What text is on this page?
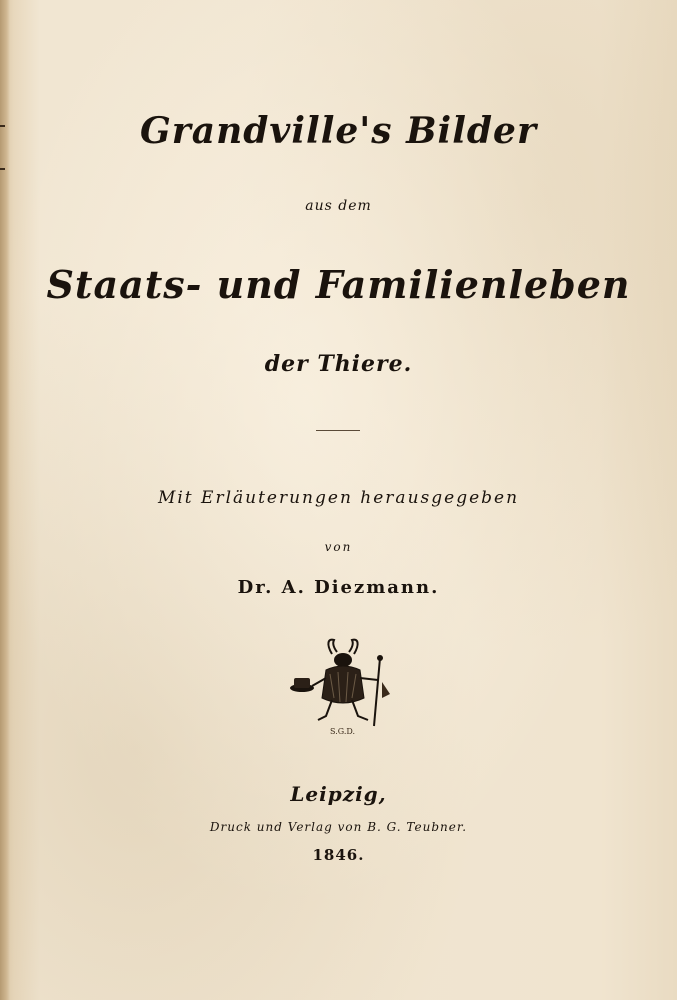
Grandville's Bilder
aus dem
Staats- und Familienleben
der Thiere.
Mit Erläuterungen herausgegeben
von
Dr. A. Diezmann.
S.G.D.
Leipzig,
Druck und Verlag von B. G. Teubner.
1846.
